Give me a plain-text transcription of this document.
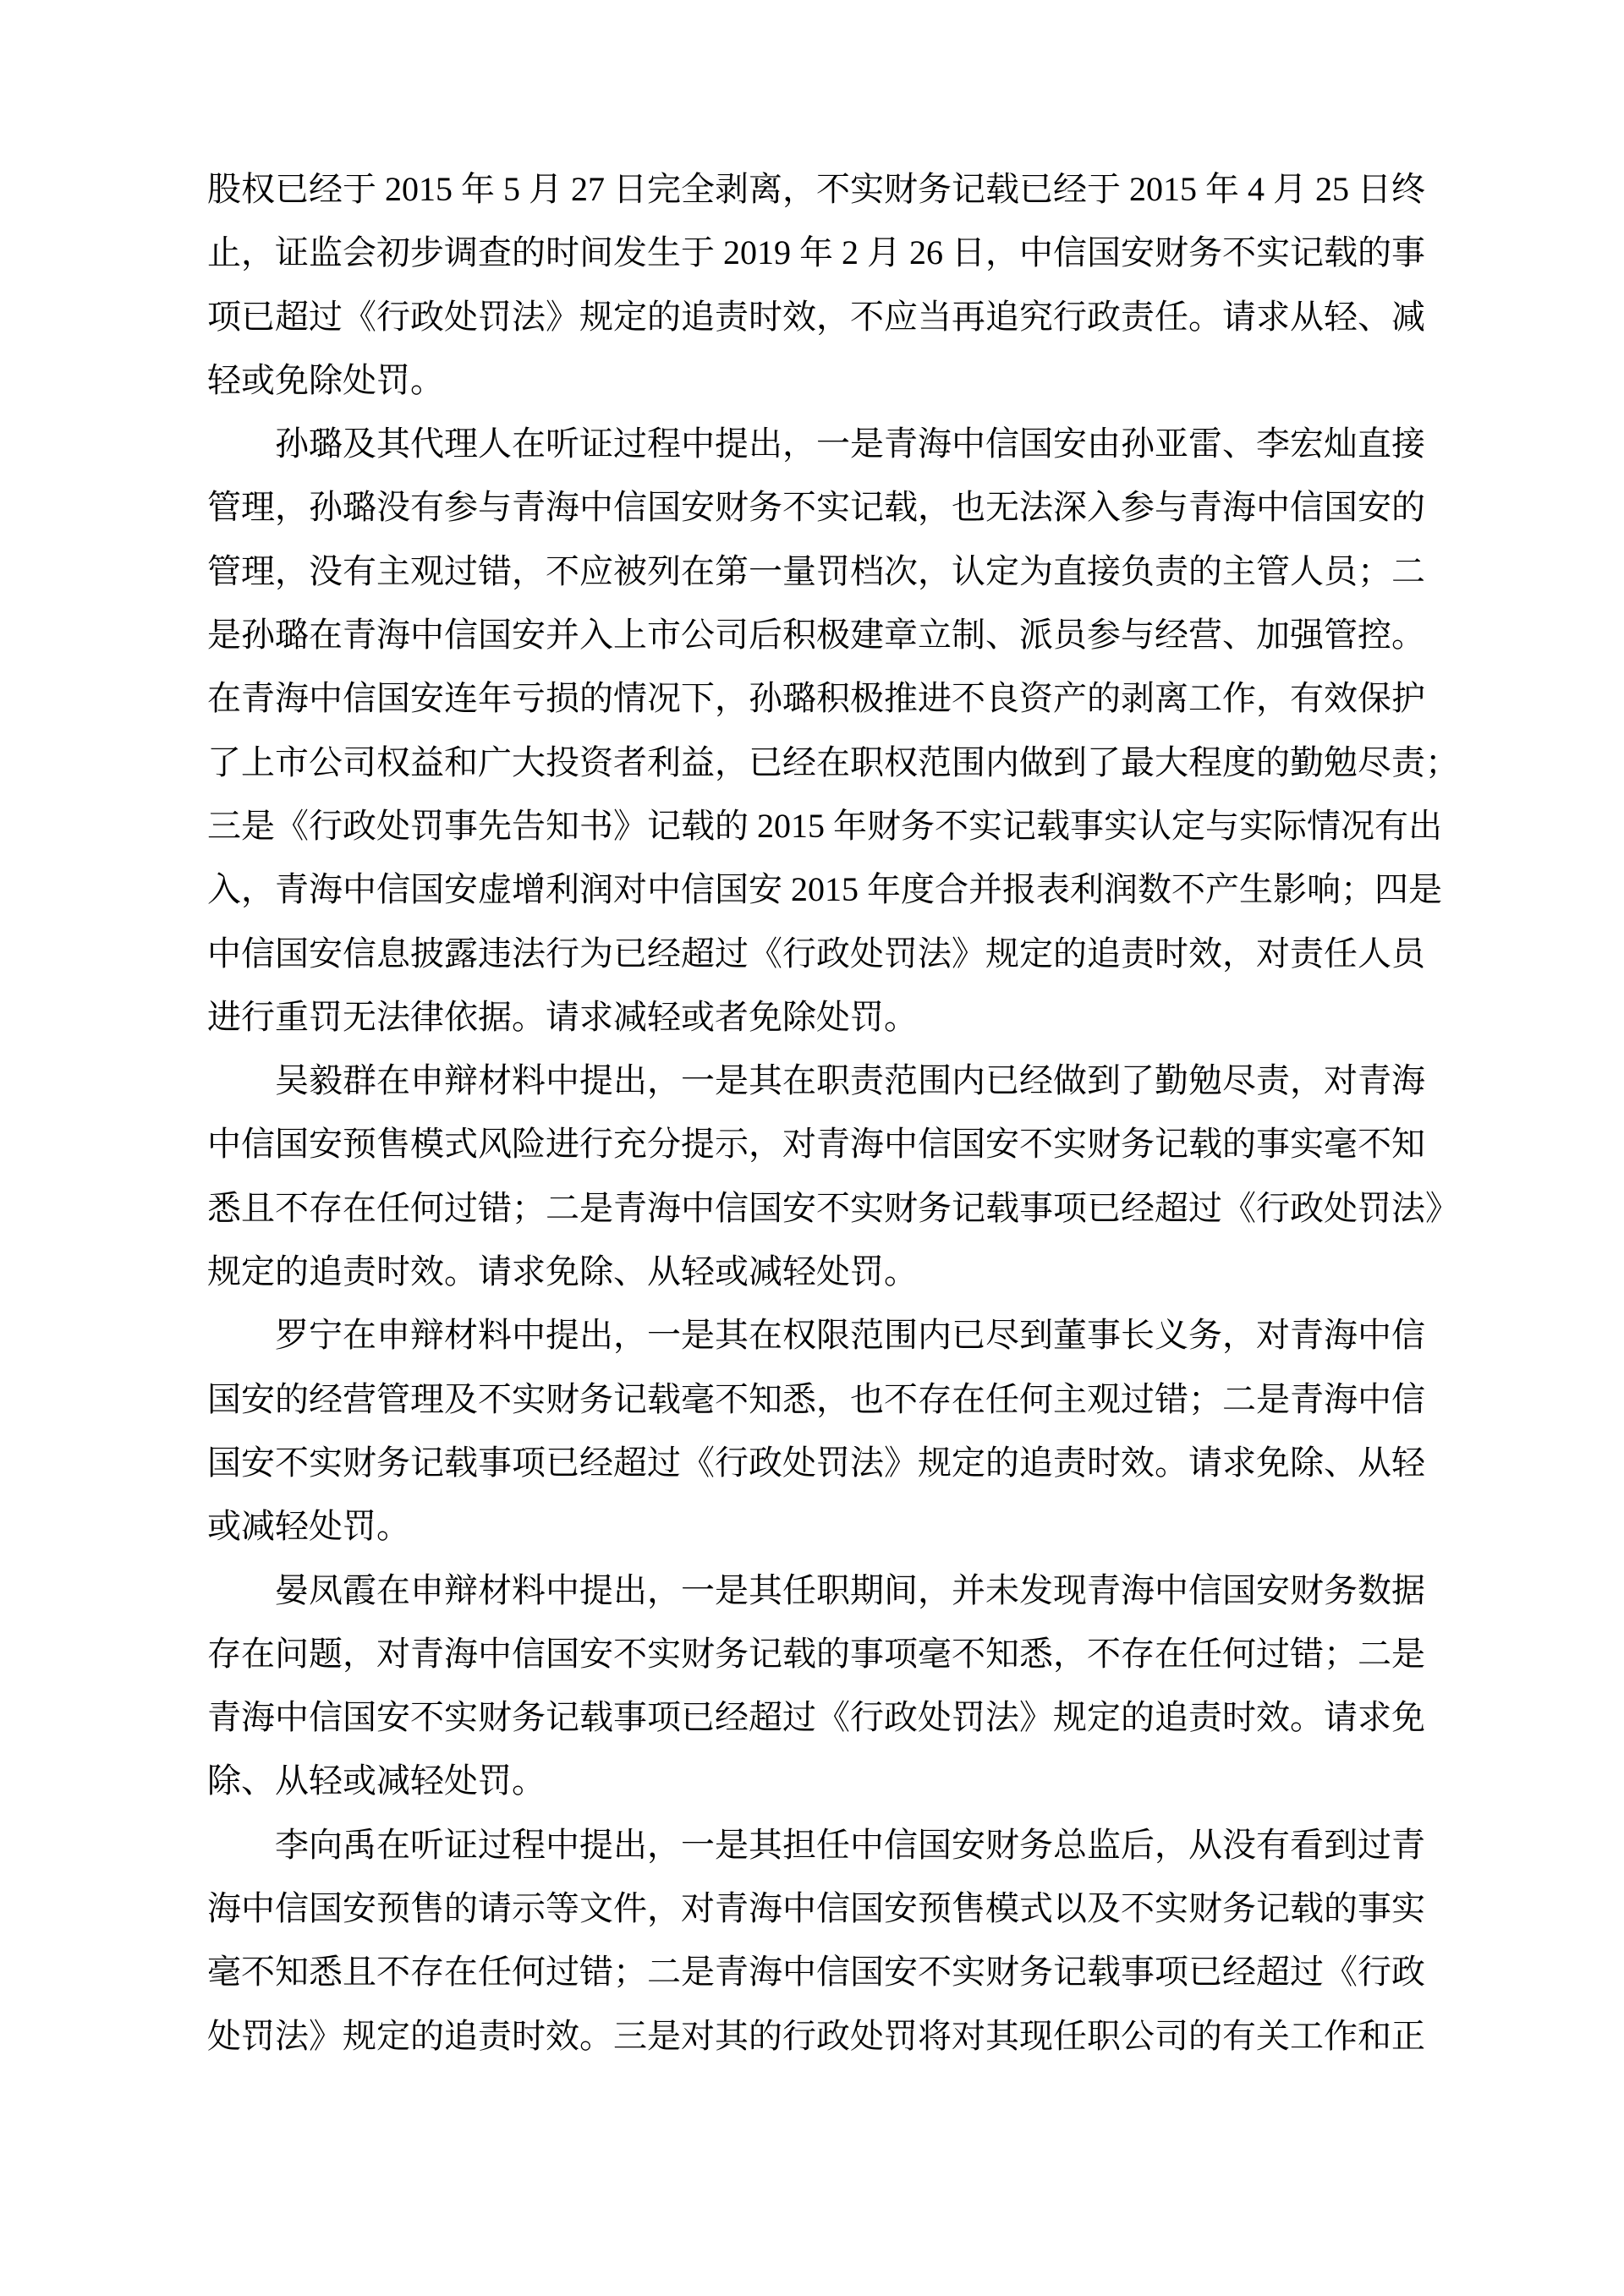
股权已经于 2015 年 5 月 27 日完全剥离，不实财务记载已经于 2015 年 4 月 25 日终
止，证监会初步调查的时间发生于 2019 年 2 月 26 日，中信国安财务不实记载的事
项已超过《行政处罚法》规定的追责时效，不应当再追究行政责任。请求从轻、减
轻或免除处罚。
　　孙璐及其代理人在听证过程中提出，一是青海中信国安由孙亚雷、李宏灿直接
管理，孙璐没有参与青海中信国安财务不实记载，也无法深入参与青海中信国安的
管理，没有主观过错，不应被列在第一量罚档次，认定为直接负责的主管人员；二
是孙璐在青海中信国安并入上市公司后积极建章立制、派员参与经营、加强管控。
在青海中信国安连年亏损的情况下，孙璐积极推进不良资产的剥离工作，有效保护
了上市公司权益和广大投资者利益，已经在职权范围内做到了最大程度的勤勉尽责；
三是《行政处罚事先告知书》记载的 2015 年财务不实记载事实认定与实际情况有出
入，青海中信国安虚增利润对中信国安 2015 年度合并报表利润数不产生影响；四是
中信国安信息披露违法行为已经超过《行政处罚法》规定的追责时效，对责任人员
进行重罚无法律依据。请求减轻或者免除处罚。
　　吴毅群在申辩材料中提出，一是其在职责范围内已经做到了勤勉尽责，对青海
中信国安预售模式风险进行充分提示，对青海中信国安不实财务记载的事实毫不知
悉且不存在任何过错；二是青海中信国安不实财务记载事项已经超过《行政处罚法》
规定的追责时效。请求免除、从轻或减轻处罚。
　　罗宁在申辩材料中提出，一是其在权限范围内已尽到董事长义务，对青海中信
国安的经营管理及不实财务记载毫不知悉，也不存在任何主观过错；二是青海中信
国安不实财务记载事项已经超过《行政处罚法》规定的追责时效。请求免除、从轻
或减轻处罚。
　　晏凤霞在申辩材料中提出，一是其任职期间，并未发现青海中信国安财务数据
存在问题，对青海中信国安不实财务记载的事项毫不知悉，不存在任何过错；二是
青海中信国安不实财务记载事项已经超过《行政处罚法》规定的追责时效。请求免
除、从轻或减轻处罚。
　　李向禹在听证过程中提出，一是其担任中信国安财务总监后，从没有看到过青
海中信国安预售的请示等文件，对青海中信国安预售模式以及不实财务记载的事实
毫不知悉且不存在任何过错；二是青海中信国安不实财务记载事项已经超过《行政
处罚法》规定的追责时效。三是对其的行政处罚将对其现任职公司的有关工作和正
